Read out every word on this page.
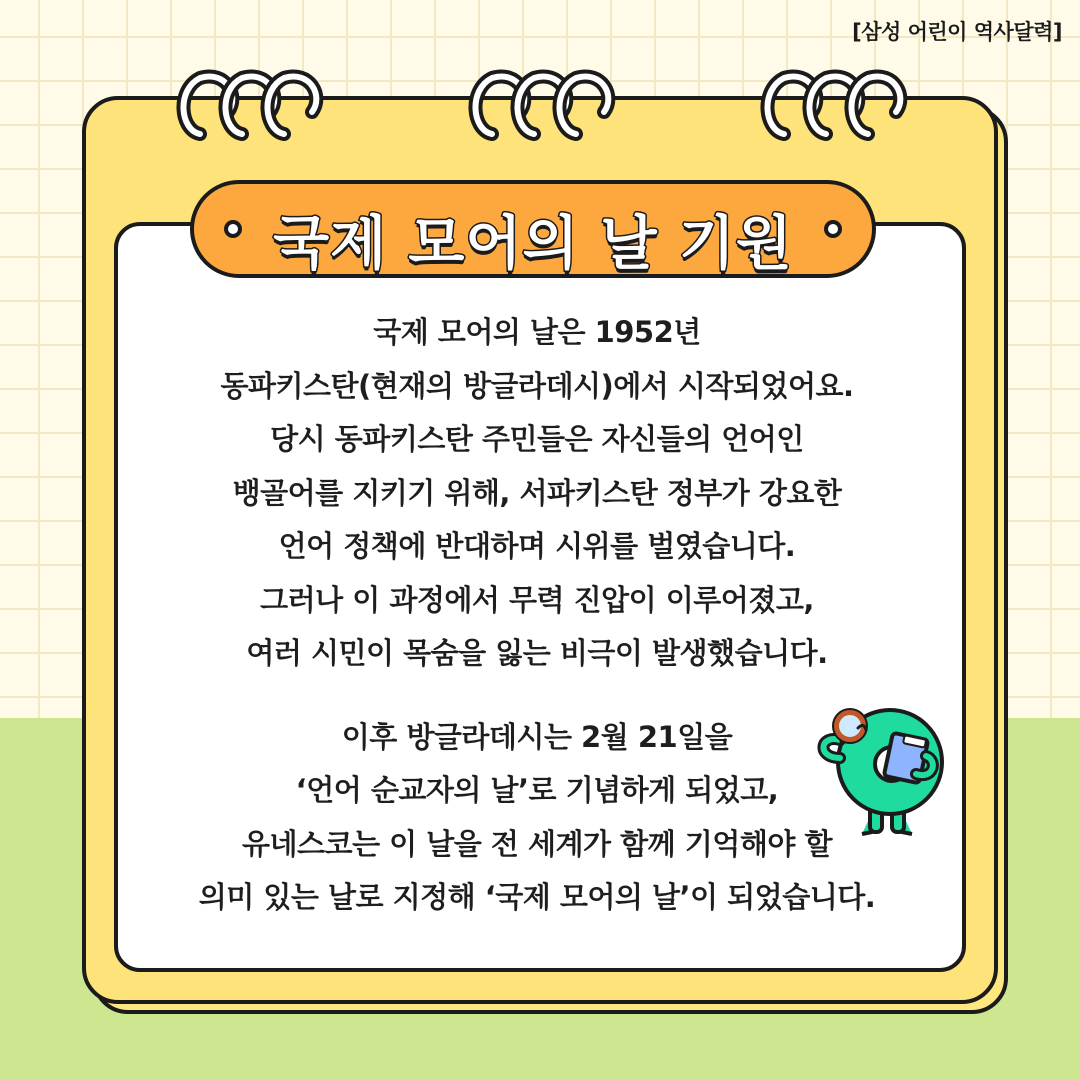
[삼성 어린이 역사달력]
국제 모어의 날 기원
국제 모어의 날은 1952년
동파키스탄(현재의 방글라데시)에서 시작되었어요.
당시 동파키스탄 주민들은 자신들의 언어인
뱅골어를 지키기 위해, 서파키스탄 정부가 강요한
언어 정책에 반대하며 시위를 벌였습니다.
그러나 이 과정에서 무력 진압이 이루어졌고,
여러 시민이 목숨을 잃는 비극이 발생했습니다.
이후 방글라데시는 2월 21일을
‘언어 순교자의 날’로 기념하게 되었고,
유네스코는 이 날을 전 세계가 함께 기억해야 할
의미 있는 날로 지정해 ‘국제 모어의 날’이 되었습니다.
